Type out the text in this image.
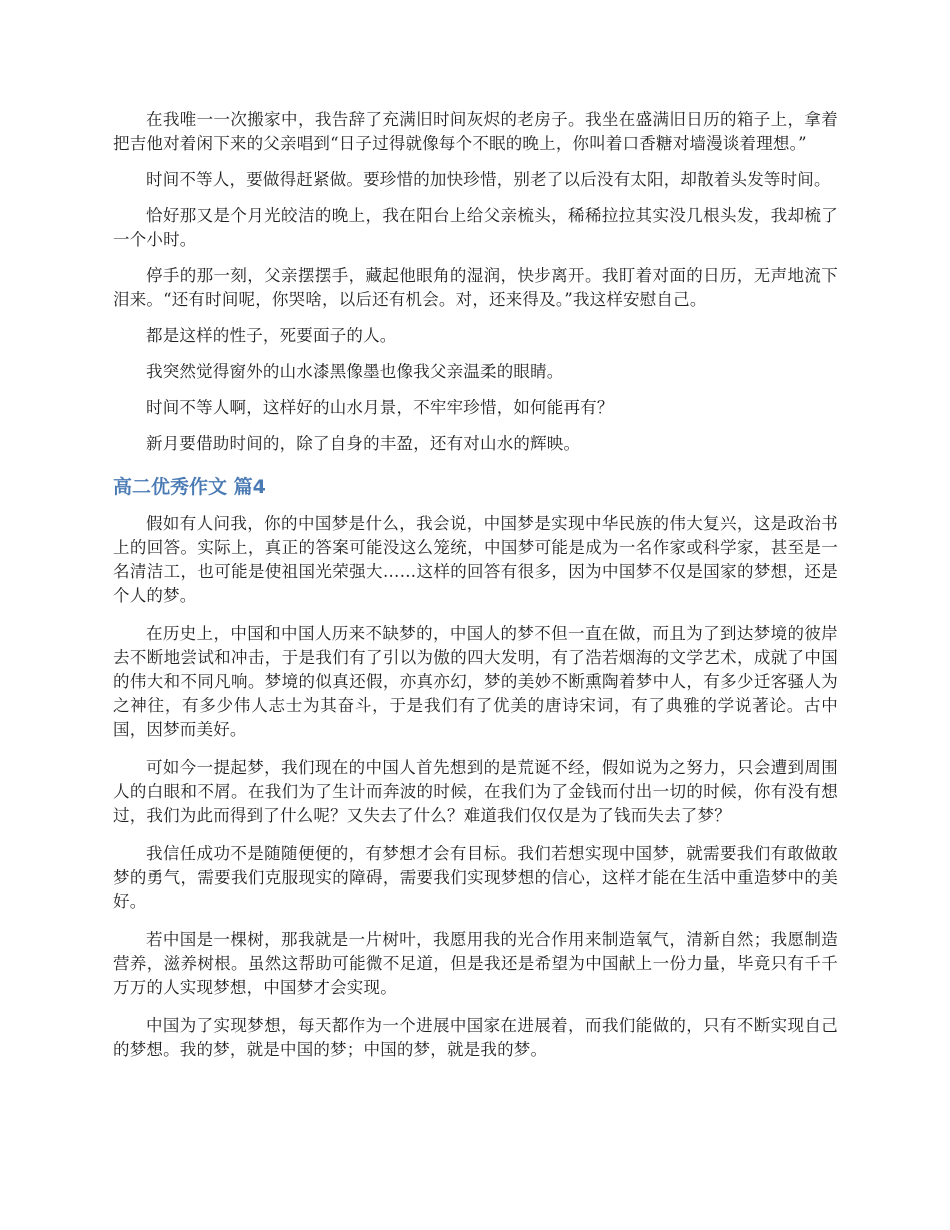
在我唯一一次搬家中，我告辞了充满旧时间灰烬的老房子。我坐在盛满旧日历的箱子上，拿着把吉他对着闲下来的父亲唱到“日子过得就像每个不眠的晚上，你叫着口香糖对墙漫谈着理想。”

时间不等人，要做得赶紧做。要珍惜的加快珍惜，别老了以后没有太阳，却散着头发等时间。

恰好那又是个月光皎洁的晚上，我在阳台上给父亲梳头，稀稀拉拉其实没几根头发，我却梳了一个小时。

停手的那一刻，父亲摆摆手，藏起他眼角的湿润，快步离开。我盯着对面的日历，无声地流下泪来。“还有时间呢，你哭啥，以后还有机会。对，还来得及。”我这样安慰自己。

都是这样的性子，死要面子的人。

我突然觉得窗外的山水漆黑像墨也像我父亲温柔的眼睛。

时间不等人啊，这样好的山水月景，不牢牢珍惜，如何能再有？

新月要借助时间的，除了自身的丰盈，还有对山水的辉映。

高二优秀作文 篇4

假如有人问我，你的中国梦是什么，我会说，中国梦是实现中华民族的伟大复兴，这是政治书上的回答。实际上，真正的答案可能没这么笼统，中国梦可能是成为一名作家或科学家，甚至是一名清洁工，也可能是使祖国光荣强大……这样的回答有很多，因为中国梦不仅是国家的梦想，还是个人的梦。

在历史上，中国和中国人历来不缺梦的，中国人的梦不但一直在做，而且为了到达梦境的彼岸去不断地尝试和冲击，于是我们有了引以为傲的四大发明，有了浩若烟海的文学艺术，成就了中国的伟大和不同凡响。梦境的似真还假，亦真亦幻，梦的美妙不断熏陶着梦中人，有多少迁客骚人为之神往，有多少伟人志士为其奋斗，于是我们有了优美的唐诗宋词，有了典雅的学说著论。古中国，因梦而美好。

可如今一提起梦，我们现在的中国人首先想到的是荒诞不经，假如说为之努力，只会遭到周围人的白眼和不屑。在我们为了生计而奔波的时候，在我们为了金钱而付出一切的时候，你有没有想过，我们为此而得到了什么呢？又失去了什么？难道我们仅仅是为了钱而失去了梦？

我信任成功不是随随便便的，有梦想才会有目标。我们若想实现中国梦，就需要我们有敢做敢梦的勇气，需要我们克服现实的障碍，需要我们实现梦想的信心，这样才能在生活中重造梦中的美好。

若中国是一棵树，那我就是一片树叶，我愿用我的光合作用来制造氧气，清新自然；我愿制造营养，滋养树根。虽然这帮助可能微不足道，但是我还是希望为中国献上一份力量，毕竟只有千千万万的人实现梦想，中国梦才会实现。

中国为了实现梦想，每天都作为一个进展中国家在进展着，而我们能做的，只有不断实现自己的梦想。我的梦，就是中国的梦；中国的梦，就是我的梦。
